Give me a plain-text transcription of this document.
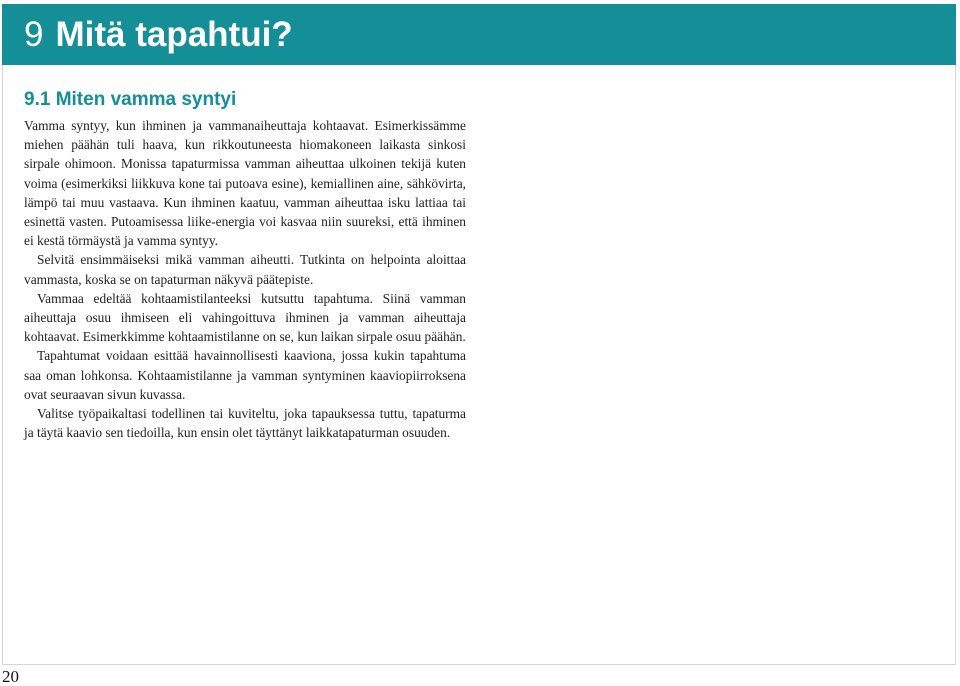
9 Mitä tapahtui?
9.1 Miten vamma syntyi

Vamma syntyy, kun ihminen ja vammanaiheuttaja kohtaavat. Esimerkissämme miehen päähän tuli haava, kun rikkoutuneesta hiomakoneen laikasta sinkosi sirpale ohimoon. Monissa tapaturmissa vamman aiheuttaa ulkoinen tekijä kuten voima (esimerkiksi liikkuva kone tai putoava esine), kemiallinen aine, sähkövirta, lämpö tai muu vastaava. Kun ihminen kaatuu, vamman aiheuttaa isku lattiaa tai esinettä vasten. Putoamisessa liike-energia voi kasvaa niin suureksi, että ihminen ei kestä törmäystä ja vamma syntyy.

Selvitä ensimmäiseksi mikä vamman aiheutti. Tutkinta on helpointa aloittaa vammasta, koska se on tapaturman näkyvä päätepiste.

Vammaa edeltää kohtaamistilanteeksi kutsuttu tapahtuma. Siinä vamman aiheuttaja osuu ihmiseen eli vahingoittuva ihminen ja vamman aiheuttaja kohtaavat. Esimerkkimme kohtaamistilanne on se, kun laikan sirpale osuu päähän.

Tapahtumat voidaan esittää havainnollisesti kaaviona, jossa kukin tapahtuma saa oman lohkonsa. Kohtaamistilanne ja vamman syntyminen kaaviopiirroksena ovat seuraavan sivun kuvassa.

Valitse työpaikaltasi todellinen tai kuviteltu, joka tapauksessa tuttu, tapaturma ja täytä kaavio sen tiedoilla, kun ensin olet täyttänyt laikkatapaturman osuuden.

20
